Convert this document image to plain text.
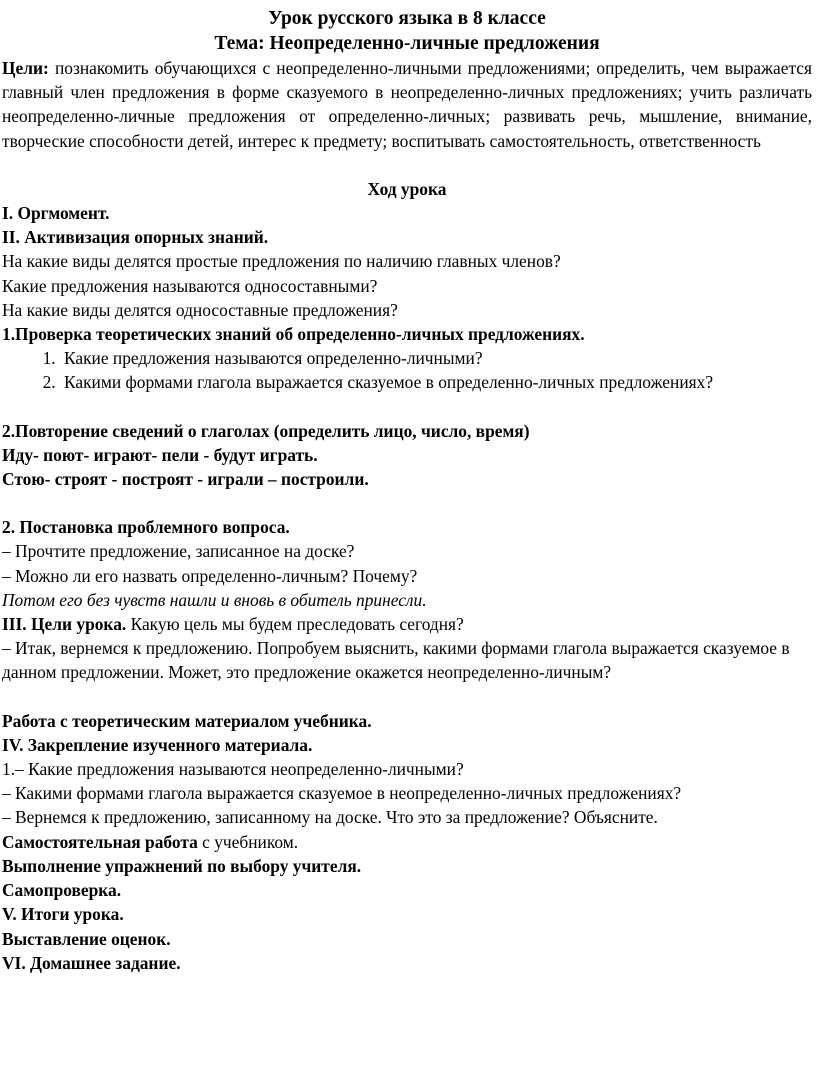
Урок русского языка в 8 классе

Тема: Неопределенно-личные предложения

Цели: познакомить обучающихся с неопределенно-личными предложениями; определить, чем выражается главный член предложения в форме сказуемого в неопределенно-личных предложениях; учить различать неопределенно-личные предложения от определенно-личных; развивать речь, мышление, внимание, творческие способности детей, интерес к предмету; воспитывать самостоятельность, ответственность

Ход урока

I. Оргмомент.

II. Активизация опорных знаний.

На какие виды делятся простые предложения по наличию главных членов?

Какие предложения называются односоставными?

На какие виды делятся односоставные предложения?

1.Проверка теоретических знаний об определенно-личных предложениях.

1. Какие предложения называются определенно-личными?
2. Какими формами глагола выражается сказуемое в определенно-личных предложениях?

2.Повторение сведений о глаголах (определить лицо, число, время)

Иду- поют- играют- пели - будут играть.

Стою- строят - построят - играли – построили.

2. Постановка проблемного вопроса.

– Прочтите предложение, записанное на доске?

– Можно ли его назвать определенно-личным? Почему?

Потом его без чувств нашли и вновь в обитель принесли.

III. Цели урока. Какую цель мы будем преследовать сегодня?

– Итак, вернемся к предложению. Попробуем выяснить, какими формами глагола выражается сказуемое в данном предложении. Может, это предложение окажется неопределенно-личным?

Работа с теоретическим материалом учебника.

IV. Закрепление изученного материала.

1.– Какие предложения называются неопределенно-личными?

– Какими формами глагола выражается сказуемое в неопределенно-личных предложениях?

– Вернемся к предложению, записанному на доске. Что это за предложение? Объясните.

Самостоятельная работа с учебником.

Выполнение упражнений по выбору учителя.

Самопроверка.

V. Итоги урока.

Выставление оценок.

VI. Домашнее задание.
